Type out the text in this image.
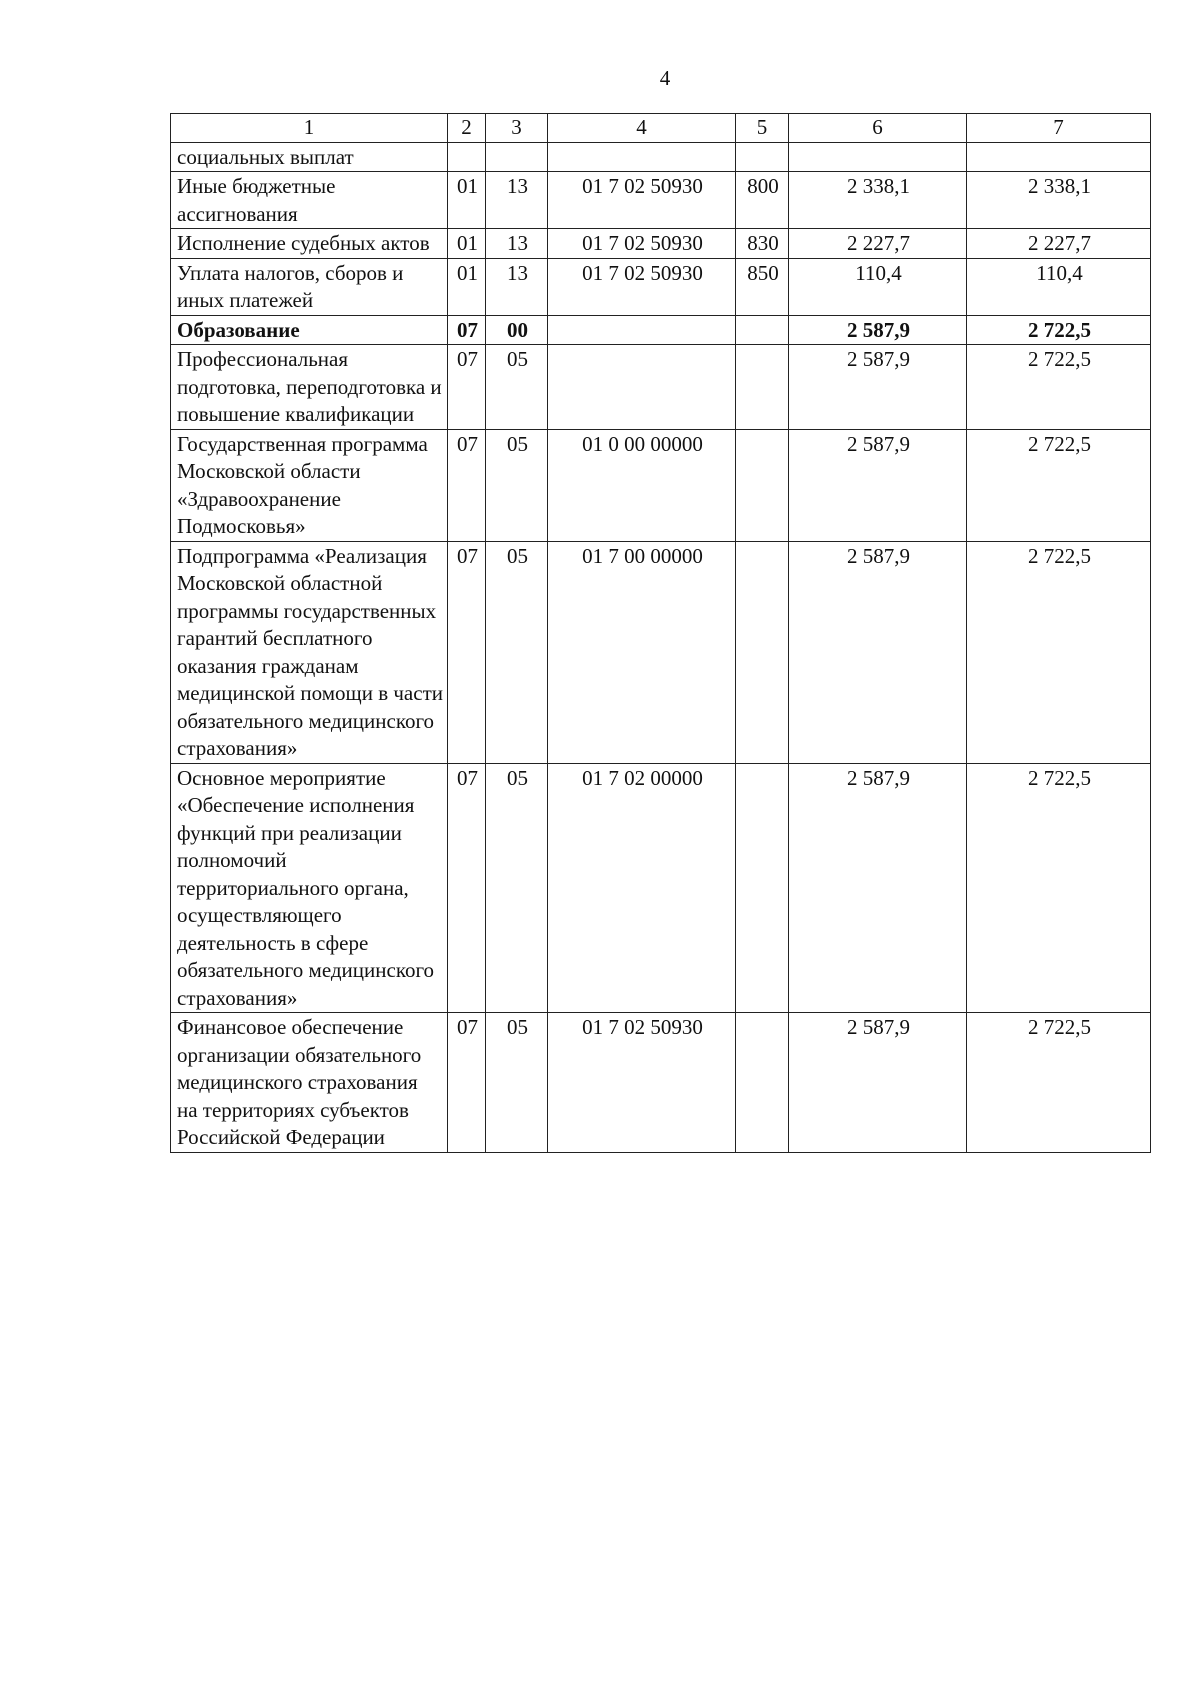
4
1	2	3	4	5	6	7
социальных выплат						
Иные бюджетные ассигнования	01	13	01 7 02 50930	800	2 338,1	2 338,1
Исполнение судебных актов	01	13	01 7 02 50930	830	2 227,7	2 227,7
Уплата налогов, сборов и иных платежей	01	13	01 7 02 50930	850	110,4	110,4
Образование	07	00			2 587,9	2 722,5
Профессиональная подготовка, переподготовка и повышение квалификации	07	05			2 587,9	2 722,5
Государственная программа Московской области «Здравоохранение Подмосковья»	07	05	01 0 00 00000		2 587,9	2 722,5
Подпрограмма «Реализация Московской областной программы государственных гарантий бесплатного оказания гражданам медицинской помощи в части обязательного медицинского страхования»	07	05	01 7 00 00000		2 587,9	2 722,5
Основное мероприятие «Обеспечение исполнения функций при реализации полномочий территориального органа, осуществляющего деятельность в сфере обязательного медицинского страхования»	07	05	01 7 02 00000		2 587,9	2 722,5
Финансовое обеспечение организации обязательного медицинского страхования на территориях субъектов Российской Федерации	07	05	01 7 02 50930		2 587,9	2 722,5
